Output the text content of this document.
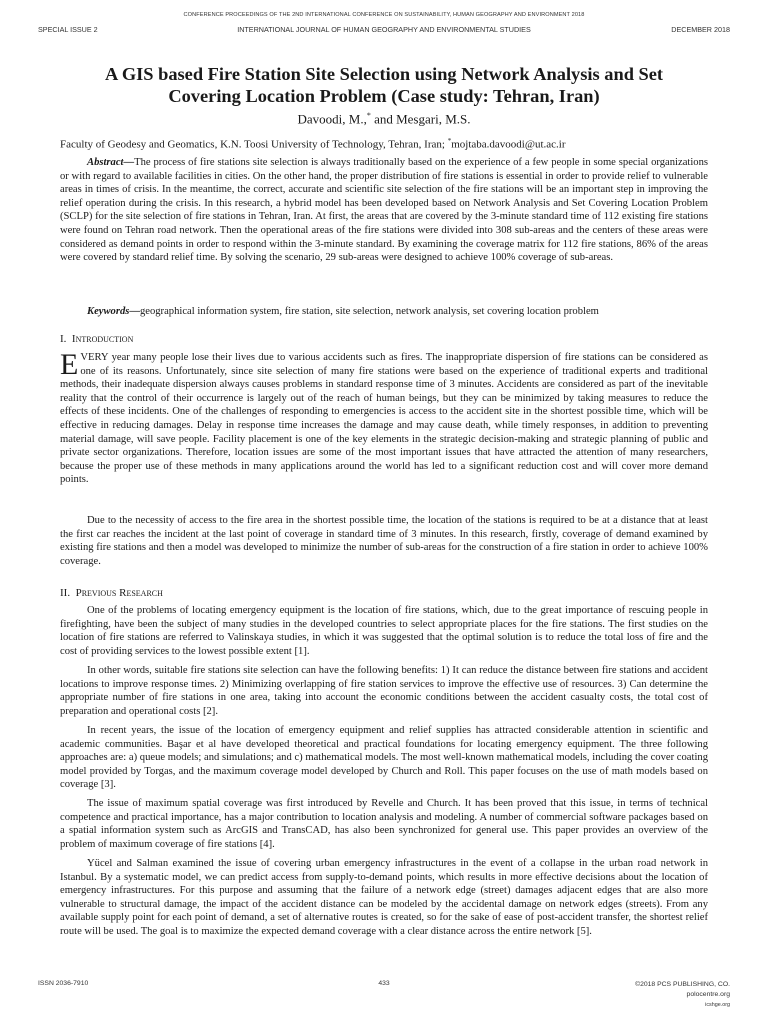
CONFERENCE PROCEEDINGS OF THE 2ND INTERNATIONAL CONFERENCE ON SUSTAINABILITY, HUMAN GEOGRAPHY AND ENVIRONMENT 2018
SPECIAL ISSUE 2	INTERNATIONAL JOURNAL OF HUMAN GEOGRAPHY AND ENVIRONMENTAL STUDIES	DECEMBER 2018
A GIS based Fire Station Site Selection using Network Analysis and Set
Covering Location Problem (Case study: Tehran, Iran)
Davoodi, M.,* and Mesgari, M.S.
Faculty of Geodesy and Geomatics, K.N. Toosi University of Technology, Tehran, Iran; *mojtaba.davoodi@ut.ac.ir

Abstract—The process of fire stations site selection is always traditionally based on the experience of a few people in some special organizations or with regard to available facilities in cities. On the other hand, the proper distribution of fire stations is essential in order to provide relief to vulnerable areas in times of crisis. In the meantime, the correct, accurate and scientific site selection of the fire stations will be an important step in improving the relief operation during the crisis. In this research, a hybrid model has been developed based on Network Analysis and Set Covering Location Problem (SCLP) for the site selection of fire stations in Tehran, Iran. At first, the areas that are covered by the 3-minute standard time of 112 existing fire stations were found on Tehran road network. Then the operational areas of the fire stations were divided into 308 sub-areas and the centers of these areas were considered as demand points in order to respond within the 3-minute standard. By examining the coverage matrix for 112 fire stations, 86% of the areas were covered by standard relief time. By solving the scenario, 29 sub-areas were designed to achieve 100% coverage of sub-areas.

Keywords—geographical information system, fire station, site selection, network analysis, set covering location problem

I. Introduction

EVERY year many people lose their lives due to various accidents such as fires. The inappropriate dispersion of fire stations can be considered as one of its reasons. Unfortunately, since site selection of many fire stations were based on the experience of traditional experts and traditional methods, their inadequate dispersion always causes problems in standard response time of 3 minutes. Accidents are considered as part of the inevitable reality that the control of their occurrence is largely out of the reach of human beings, but they can be minimized by taking measures to reduce the effects of these incidents. One of the challenges of responding to emergencies is access to the accident site in the shortest possible time, which will be effective in reducing damages. Delay in response time increases the damage and may cause death, while timely responses, in addition to preventing material damage, will save people. Facility placement is one of the key elements in the strategic decision-making and strategic planning of public and private sector organizations. Therefore, location issues are some of the most important issues that have attracted the attention of many researchers, because the proper use of these methods in many applications around the world has led to a significant reduction cost and will cover more demand points.

Due to the necessity of access to the fire area in the shortest possible time, the location of the stations is required to be at a distance that at least the first car reaches the incident at the last point of coverage in standard time of 3 minutes. In this research, firstly, coverage of demand examined by existing fire stations and then a model was developed to minimize the number of sub-areas for the construction of a fire station in order to achieve 100% coverage.

II. Previous Research

One of the problems of locating emergency equipment is the location of fire stations, which, due to the great importance of rescuing people in firefighting, have been the subject of many studies in the developed countries to select appropriate places for the fire stations. The first studies on the location of fire stations are referred to Valinskaya studies, in which it was suggested that the optimal solution is to reduce the total loss of fire and the cost of providing services to the lowest possible extent [1].

In other words, suitable fire stations site selection can have the following benefits: 1) It can reduce the distance between fire stations and accident locations to improve response times. 2) Minimizing overlapping of fire station services to improve the effective use of resources. 3) Can determine the appropriate number of fire stations in one area, taking into account the economic conditions between the accident casualty costs, the total cost of preparation and operational costs [2].

In recent years, the issue of the location of emergency equipment and relief supplies has attracted considerable attention in scientific and academic communities. Başar et al have developed theoretical and practical foundations for locating emergency equipment. The three following approaches are: a) queue models; and simulations; and c) mathematical models. The most well-known mathematical models, including the cover coating model provided by Torgas, and the maximum coverage model developed by Church and Roll. This paper focuses on the use of math models based on coverage [3].

The issue of maximum spatial coverage was first introduced by Revelle and Church. It has been proved that this issue, in terms of technical competence and practical importance, has a major contribution to location analysis and modeling. A number of commercial software packages based on a spatial information system such as ArcGIS and TransCAD, has also been synchronized for general use. This paper provides an overview of the problem of maximum coverage of fire stations [4].

Yücel and Salman examined the issue of covering urban emergency infrastructures in the event of a collapse in the urban road network in Istanbul. By a systematic model, we can predict access from supply-to-demand points, which results in more effective decisions about the location of emergency infrastructures. For this purpose and assuming that the failure of a network edge (street) damages adjacent edges that are also more vulnerable to structural damage, the impact of the accident distance can be modeled by the accidental damage on network edges (streets). From any available supply point for each point of demand, a set of alternative routes is created, so for the sake of ease of post-accident transfer, the shortest relief route will be used. The goal is to maximize the expected demand coverage with a clear distance across the entire network [5].

ISSN 2036-7910	433	©2018 PCS PUBLISHING, CO.
polocentre.org
icshge.org
